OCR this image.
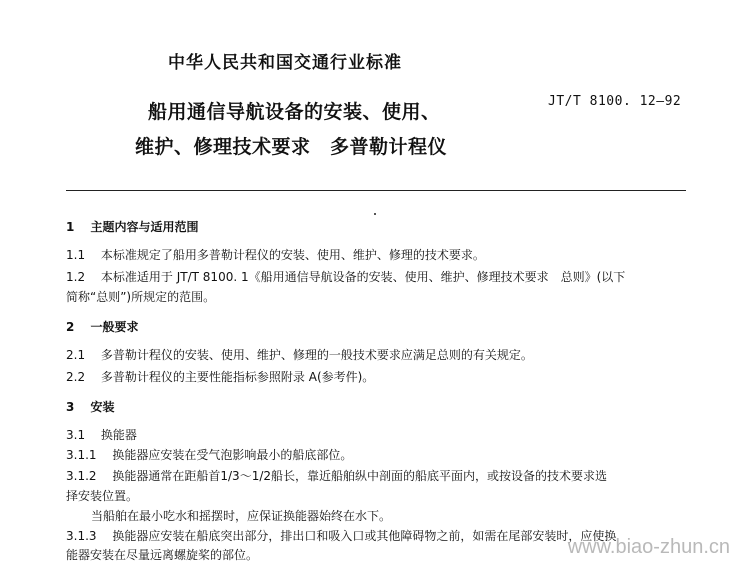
中华人民共和国交通行业标准
船用通信导航设备的安装、使用、	JT/T 8100. 12—92
维护、修理技术要求　多普勒计程仪
1 主题内容与适用范围
1.1 本标准规定了船用多普勒计程仪的安装、使用、维护、修理的技术要求。
1.2 本标准适用于 JT/T 8100. 1《船用通信导航设备的安装、使用、维护、修理技术要求　总则》(以下
简称“总则”)所规定的范围。
2 一般要求
2.1 多普勒计程仪的安装、使用、维护、修理的一般技术要求应满足总则的有关规定。
2.2 多普勒计程仪的主要性能指标参照附录 A(参考件)。
3 安装
3.1 换能器
3.1.1 换能器应安装在受气泡影响最小的船底部位。
3.1.2 换能器通常在距船首1/3～1/2船长，靠近船舶纵中剖面的船底平面内，或按设备的技术要求选
择安装位置。
当船舶在最小吃水和摇摆时，应保证换能器始终在水下。
3.1.3 换能器应安装在船底突出部分，排出口和吸入口或其他障碍物之前，如需在尾部安装时，应使换
能器安装在尽量远离螺旋桨的部位。	www.biao-zhun.cn
